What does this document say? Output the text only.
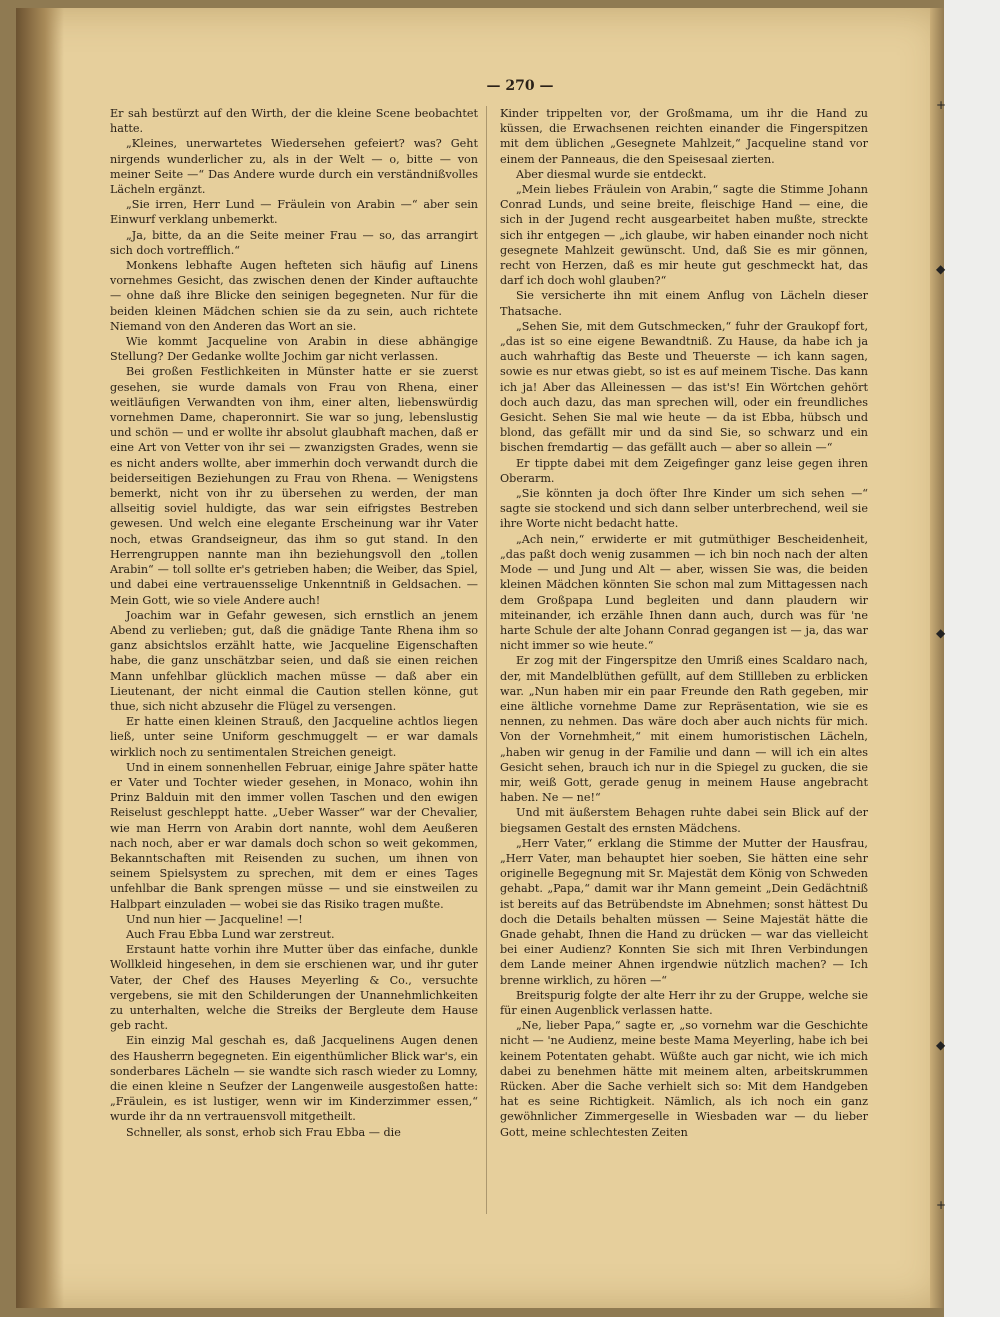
+
◆
◆
◆
+
— 270 —

Er sah bestürzt auf den Wirth, der die kleine Scene beobachtet hatte.

„Kleines, unerwartetes Wiedersehen gefeiert? was? Geht nirgends wunderlicher zu, als in der Welt — o, bitte — von meiner Seite —“ Das Andere wurde durch ein verständnißvolles Lächeln ergänzt.

„Sie irren, Herr Lund — Fräulein von Arabin —“ aber sein Einwurf verklang unbemerkt.

„Ja, bitte, da an die Seite meiner Frau — so, das arrangirt sich doch vortrefflich.“

Monkens lebhafte Augen hefteten sich häufig auf Linens vornehmes Gesicht, das zwischen denen der Kinder auftauchte — ohne daß ihre Blicke den seinigen begegneten. Nur für die beiden kleinen Mädchen schien sie da zu sein, auch richtete Niemand von den Anderen das Wort an sie.

Wie kommt Jacqueline von Arabin in diese abhängige Stellung? Der Gedanke wollte Jochim gar nicht verlassen.

Bei großen Festlichkeiten in Münster hatte er sie zuerst gesehen, sie wurde damals von Frau von Rhena, einer weitläufigen Verwandten von ihm, einer alten, liebenswürdig vornehmen Dame, chaperonnirt. Sie war so jung, lebenslustig und schön — und er wollte ihr absolut glaubhaft machen, daß er eine Art von Vetter von ihr sei — zwanzigsten Grades, wenn sie es nicht anders wollte, aber immerhin doch verwandt durch die beiderseitigen Beziehungen zu Frau von Rhena. — Wenigstens bemerkt, nicht von ihr zu übersehen zu werden, der man allseitig soviel huldigte, das war sein eifrigstes Bestreben gewesen. Und welch eine elegante Erscheinung war ihr Vater noch, etwas Grandseigneur, das ihm so gut stand. In den Herrengruppen nannte man ihn beziehungsvoll den „tollen Arabin“ — toll sollte er's getrieben haben; die Weiber, das Spiel, und dabei eine vertrauensselige Unkenntniß in Geldsachen. — Mein Gott, wie so viele Andere auch!

Joachim war in Gefahr gewesen, sich ernstlich an jenem Abend zu verlieben; gut, daß die gnädige Tante Rhena ihm so ganz absichtslos erzählt hatte, wie Jacqueline Eigenschaften habe, die ganz unschätzbar seien, und daß sie einen reichen Mann unfehlbar glücklich machen müsse — daß aber ein Lieutenant, der nicht einmal die Caution stellen könne, gut thue, sich nicht abzusehr die Flügel zu versengen.

Er hatte einen kleinen Strauß, den Jacqueline achtlos liegen ließ, unter seine Uniform geschmuggelt — er war damals wirklich noch zu sentimentalen Streichen geneigt.

Und in einem sonnenhellen Februar, einige Jahre später hatte er Vater und Tochter wieder gesehen, in Monaco, wohin ihn Prinz Balduin mit den immer vollen Taschen und den ewigen Reiselust geschleppt hatte. „Ueber Wasser“ war der Chevalier, wie man Herrn von Arabin dort nannte, wohl dem Aeußeren nach noch, aber er war damals doch schon so weit gekommen, Bekanntschaften mit Reisenden zu suchen, um ihnen von seinem Spielsystem zu sprechen, mit dem er eines Tages unfehlbar die Bank sprengen müsse — und sie einstweilen zu Halbpart einzuladen — wobei sie das Risiko tragen mußte.

Und nun hier — Jacqueline! —!

Auch Frau Ebba Lund war zerstreut.

Erstaunt hatte vorhin ihre Mutter über das einfache, dunkle Wollkleid hingesehen, in dem sie erschienen war, und ihr guter Vater, der Chef des Hauses Meyerling & Co., versuchte vergebens, sie mit den Schilderungen der Unannehmlichkeiten zu unterhalten, welche die Streiks der Bergleute dem Hause geb racht.

Ein einzig Mal geschah es, daß Jacquelinens Augen denen des Hausherrn begegneten. Ein eigenthümlicher Blick war's, ein sonderbares Lächeln — sie wandte sich rasch wieder zu Lomny, die einen kleine n Seufzer der Langenweile ausgestoßen hatte: „Fräulein, es ist lustiger, wenn wir im Kinderzimmer essen,“ wurde ihr da nn vertrauensvoll mitgetheilt.

Schneller, als sonst, erhob sich Frau Ebba — die

Kinder trippelten vor, der Großmama, um ihr die Hand zu küssen, die Erwachsenen reichten einander die Fingerspitzen mit dem üblichen „Gesegnete Mahlzeit,“ Jacqueline stand vor einem der Panneaus, die den Speisesaal zierten.

Aber diesmal wurde sie entdeckt.

„Mein liebes Fräulein von Arabin,“ sagte die Stimme Johann Conrad Lunds, und seine breite, fleischige Hand — eine, die sich in der Jugend recht ausgearbeitet haben mußte, streckte sich ihr entgegen — „ich glaube, wir haben einander noch nicht gesegnete Mahlzeit gewünscht. Und, daß Sie es mir gönnen, recht von Herzen, daß es mir heute gut geschmeckt hat, das darf ich doch wohl glauben?“

Sie versicherte ihn mit einem Anflug von Lächeln dieser Thatsache.

„Sehen Sie, mit dem Gutschmecken,“ fuhr der Graukopf fort, „das ist so eine eigene Bewandtniß. Zu Hause, da habe ich ja auch wahrhaftig das Beste und Theuerste — ich kann sagen, sowie es nur etwas giebt, so ist es auf meinem Tische. Das kann ich ja! Aber das Alleinessen — das ist's! Ein Wörtchen gehört doch auch dazu, das man sprechen will, oder ein freundliches Gesicht. Sehen Sie mal wie heute — da ist Ebba, hübsch und blond, das gefällt mir und da sind Sie, so schwarz und ein bischen fremdartig — das gefällt auch — aber so allein —“

Er tippte dabei mit dem Zeigefinger ganz leise gegen ihren Oberarm.

„Sie könnten ja doch öfter Ihre Kinder um sich sehen —“ sagte sie stockend und sich dann selber unterbrechend, weil sie ihre Worte nicht bedacht hatte.

„Ach nein,“ erwiderte er mit gutmüthiger Bescheidenheit, „das paßt doch wenig zusammen — ich bin noch nach der alten Mode — und Jung und Alt — aber, wissen Sie was, die beiden kleinen Mädchen könnten Sie schon mal zum Mittagessen nach dem Großpapa Lund begleiten und dann plaudern wir miteinander, ich erzähle Ihnen dann auch, durch was für 'ne harte Schule der alte Johann Conrad gegangen ist — ja, das war nicht immer so wie heute.“

Er zog mit der Fingerspitze den Umriß eines Scaldaro nach, der, mit Mandelblüthen gefüllt, auf dem Stillleben zu erblicken war. „Nun haben mir ein paar Freunde den Rath gegeben, mir eine ältliche vornehme Dame zur Repräsentation, wie sie es nennen, zu nehmen. Das wäre doch aber auch nichts für mich. Von der Vornehmheit,“ mit einem humoristischen Lächeln, „haben wir genug in der Familie und dann — will ich ein altes Gesicht sehen, brauch ich nur in die Spiegel zu gucken, die sie mir, weiß Gott, gerade genug in meinem Hause angebracht haben. Ne — ne!“

Und mit äußerstem Behagen ruhte dabei sein Blick auf der biegsamen Gestalt des ernsten Mädchens.

„Herr Vater,“ erklang die Stimme der Mutter der Hausfrau, „Herr Vater, man behauptet hier soeben, Sie hätten eine sehr originelle Begegnung mit Sr. Majestät dem König von Schweden gehabt. „Papa,“ damit war ihr Mann gemeint „Dein Gedächtniß ist bereits auf das Betrübendste im Abnehmen; sonst hättest Du doch die Details behalten müssen — Seine Majestät hätte die Gnade gehabt, Ihnen die Hand zu drücken — war das vielleicht bei einer Audienz? Konnten Sie sich mit Ihren Verbindungen dem Lande meiner Ahnen irgendwie nützlich machen? — Ich brenne wirklich, zu hören —“

Breitspurig folgte der alte Herr ihr zu der Gruppe, welche sie für einen Augenblick verlassen hatte.

„Ne, lieber Papa,“ sagte er, „so vornehm war die Geschichte nicht — 'ne Audienz, meine beste Mama Meyerling, habe ich bei keinem Potentaten gehabt. Wüßte auch gar nicht, wie ich mich dabei zu benehmen hätte mit meinem alten, arbeitskrummen Rücken. Aber die Sache verhielt sich so: Mit dem Handgeben hat es seine Richtigkeit. Nämlich, als ich noch ein ganz gewöhnlicher Zimmergeselle in Wiesbaden war — du lieber Gott, meine schlechtesten Zeiten
